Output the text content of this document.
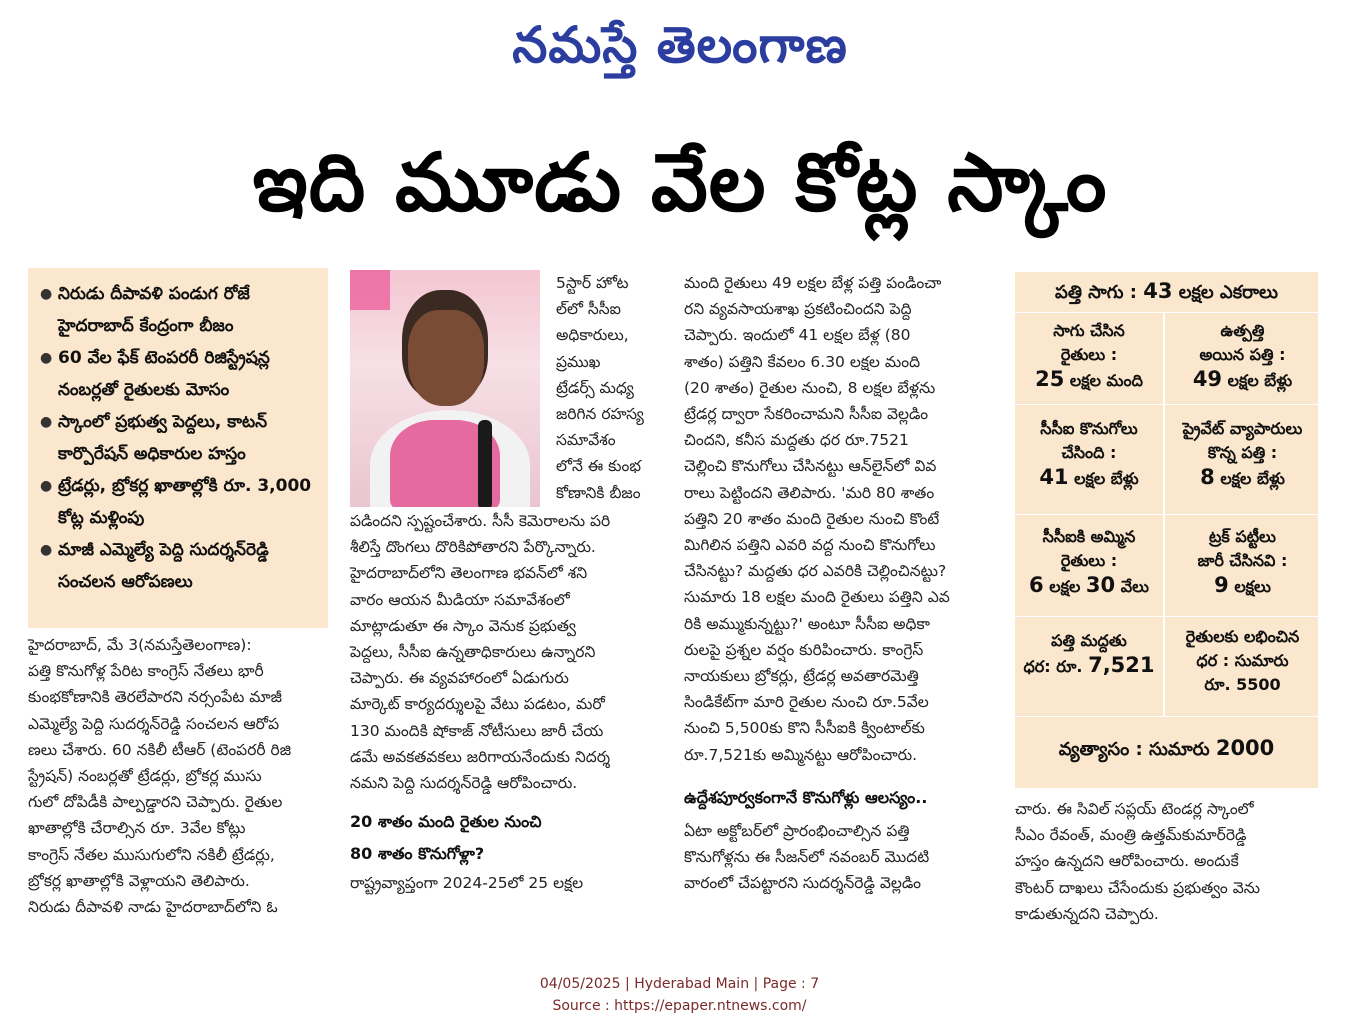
నమస్తే తెలంగాణ
ఇది మూడు వేల కోట్ల స్కాం
● నిరుడు దీపావళి పండుగ రోజే హైదరాబాద్ కేంద్రంగా బీజం
● 60 వేల ఫేక్ టెంపరరీ రిజిస్ట్రేషన్ల నంబర్లతో రైతులకు మోసం
● స్కాంలో ప్రభుత్వ పెద్దలు, కాటన్ కార్పొరేషన్ అధికారుల హస్తం
● ట్రేడర్లు, బ్రోకర్ల ఖాతాల్లోకి రూ. 3,000 కోట్ల మళ్లింపు
● మాజీ ఎమ్మెల్యే పెద్ది సుదర్శన్‌రెడ్డి సంచలన ఆరోపణలు

హైదరాబాద్, మే 3(నమస్తేతెలంగాణ):

పత్తి కొనుగోళ్ల పేరిట కాంగ్రెస్ నేతలు భారీ

కుంభకోణానికి తెరలేపారని నర్సంపేట మాజీ

ఎమ్మెల్యే పెద్ది సుదర్శన్‌రెడ్డి సంచలన ఆరోప

ణలు చేశారు. 60 నకిలీ టీఆర్ (టెంపరరీ రిజి

స్ట్రేషన్) నంబర్లతో ట్రేడర్లు, బ్రోకర్ల ముసు

గులో దోపిడీకి పాల్పడ్డారని చెప్పారు. రైతుల

ఖాతాల్లోకి చేరాల్సిన రూ. 3వేల కోట్లు

కాంగ్రెస్ నేతల ముసుగులోని నకిలీ ట్రేడర్లు,

బ్రోకర్ల ఖాతాల్లోకి వెళ్లాయని తెలిపారు.

నిరుడు దీపావళి నాడు హైదరాబాద్‌లోని ఓ

5స్టార్ హోట

ల్‌లో సీసీఐ

అధికారులు,

ప్రముఖ

ట్రేడర్స్ మధ్య

జరిగిన రహస్య

సమావేశం

లోనే ఈ కుంభ

కోణానికి బీజం

పడిందని స్పష్టంచేశారు. సీసీ కెమెరాలను పరి

శీలిస్తే దొంగలు దొరికిపోతారని పేర్కొన్నారు.

హైదరాబాద్‌లోని తెలంగాణ భవన్‌లో శని

వారం ఆయన మీడియా సమావేశంలో

మాట్లాడుతూ ఈ స్కాం వెనుక ప్రభుత్వ

పెద్దలు, సీసీఐ ఉన్నతాధికారులు ఉన్నారని

చెప్పారు. ఈ వ్యవహారంలో ఏడుగురు

మార్కెట్ కార్యదర్శులపై వేటు పడటం, మరో

130 మందికి షోకాజ్ నోటీసులు జారీ చేయ

డమే అవకతవకలు జరిగాయనేందుకు నిదర్శ

నమని పెద్ది సుదర్శన్‌రెడ్డి ఆరోపించారు.

20 శాతం మంది రైతుల నుంచి

80 శాతం కొనుగోళ్లా?

రాష్ట్రవ్యాప్తంగా 2024-25లో 25 లక్షల

మంది రైతులు 49 లక్షల బేళ్ల పత్తి పండించా

రని వ్యవసాయశాఖ ప్రకటించిందని పెద్ది

చెప్పారు. ఇందులో 41 లక్షల బేళ్ల (80

శాతం) పత్తిని కేవలం 6.30 లక్షల మంది

(20 శాతం) రైతుల నుంచి, 8 లక్షల బేళ్లను

ట్రేడర్ల ద్వారా సేకరించామని సీసీఐ వెల్లడిం

చిందని, కనీస మద్దతు ధర రూ.7521

చెల్లించి కొనుగోలు చేసినట్టు ఆన్‌లైన్‌లో వివ

రాలు పెట్టిందని తెలిపారు. 'మరి 80 శాతం

పత్తిని 20 శాతం మంది రైతుల నుంచి కొంటే

మిగిలిన పత్తిని ఎవరి వద్ద నుంచి కొనుగోలు

చేసినట్టు? మద్దతు ధర ఎవరికి చెల్లించినట్టు?

సుమారు 18 లక్షల మంది రైతులు పత్తిని ఎవ

రికి అమ్ముకున్నట్టు?' అంటూ సీసీఐ అధికా

రులపై ప్రశ్నల వర్షం కురిపించారు. కాంగ్రెస్

నాయకులు బ్రోకర్లు, ట్రేడర్ల అవతారమెత్తి

సిండికేట్‌గా మారి రైతుల నుంచి రూ.5వేల

నుంచి 5,500కు కొని సీసీఐకి క్వింటాల్‌కు

రూ.7,521కు అమ్మినట్టు ఆరోపించారు.

ఉద్దేశపూర్వకంగానే కొనుగోళ్లు ఆలస్యం..

ఏటా అక్టోబర్‌లో ప్రారంభించాల్సిన పత్తి

కొనుగోళ్లను ఈ సీజన్‌లో నవంబర్ మొదటి

వారంలో చేపట్టారని సుదర్శన్‌రెడ్డి వెల్లడిం

పత్తి సాగు : 43 లక్షల ఎకరాలు
సాగు చేసిన
రైతులు :
25 లక్షల మంది
ఉత్పత్తి
అయిన పత్తి :
49 లక్షల బేళ్లు
సీసీఐ కొనుగోలు
చేసింది :
41 లక్షల బేళ్లు
ప్రైవేట్ వ్యాపారులు
కొన్న పత్తి :
8 లక్షల బేళ్లు
సీసీఐకి అమ్మిన
రైతులు :
6 లక్షల 30 వేలు
ట్రక్ పట్టీలు
జారీ చేసినవి :
9 లక్షలు
పత్తి మద్దతు
ధర: రూ. 7,521
రైతులకు లభించిన
ధర : సుమారు
రూ. 5500
వ్యత్యాసం : సుమారు 2000

చారు. ఈ సివిల్ సప్లయ్ టెండర్ల స్కాంలో

సీఎం రేవంత్, మంత్రి ఉత్తమ్‌కుమార్‌రెడ్డి

హస్తం ఉన్నదని ఆరోపించారు. అందుకే

కౌంటర్ దాఖలు చేసేందుకు ప్రభుత్వం వెను

కాడుతున్నదని చెప్పారు.

04/05/2025 | Hyderabad Main | Page : 7
Source : https://epaper.ntnews.com/
